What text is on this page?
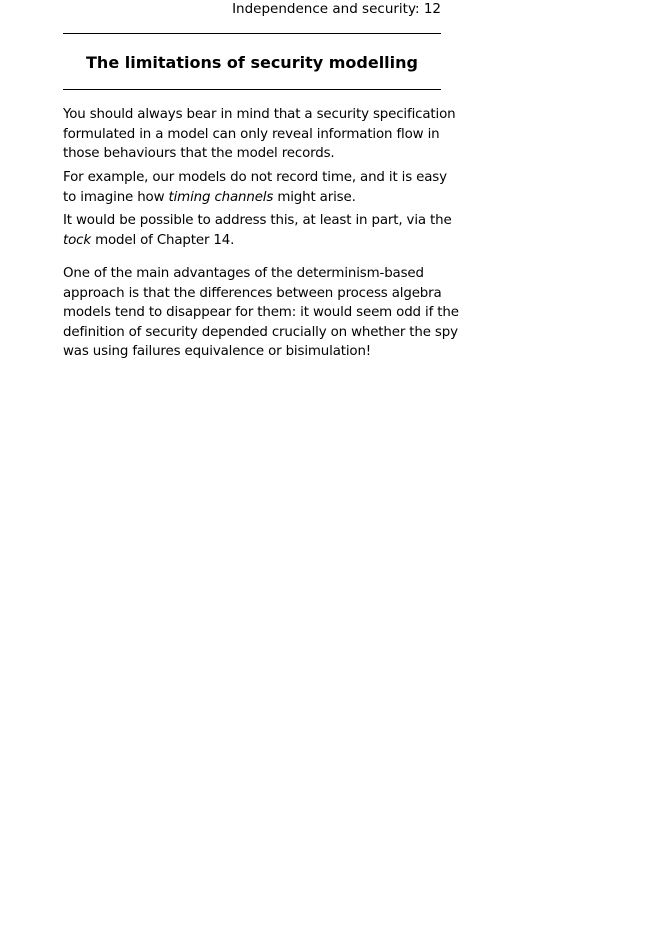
Independence and security: 12
The limitations of security modelling
You should always bear in mind that a security specification
formulated in a model can only reveal information flow in
those behaviours that the model records.
For example, our models do not record time, and it is easy
to imagine how timing channels might arise.
It would be possible to address this, at least in part, via the
tock model of Chapter 14.
One of the main advantages of the determinism-based
approach is that the differences between process algebra
models tend to disappear for them: it would seem odd if the
definition of security depended crucially on whether the spy
was using failures equivalence or bisimulation!
